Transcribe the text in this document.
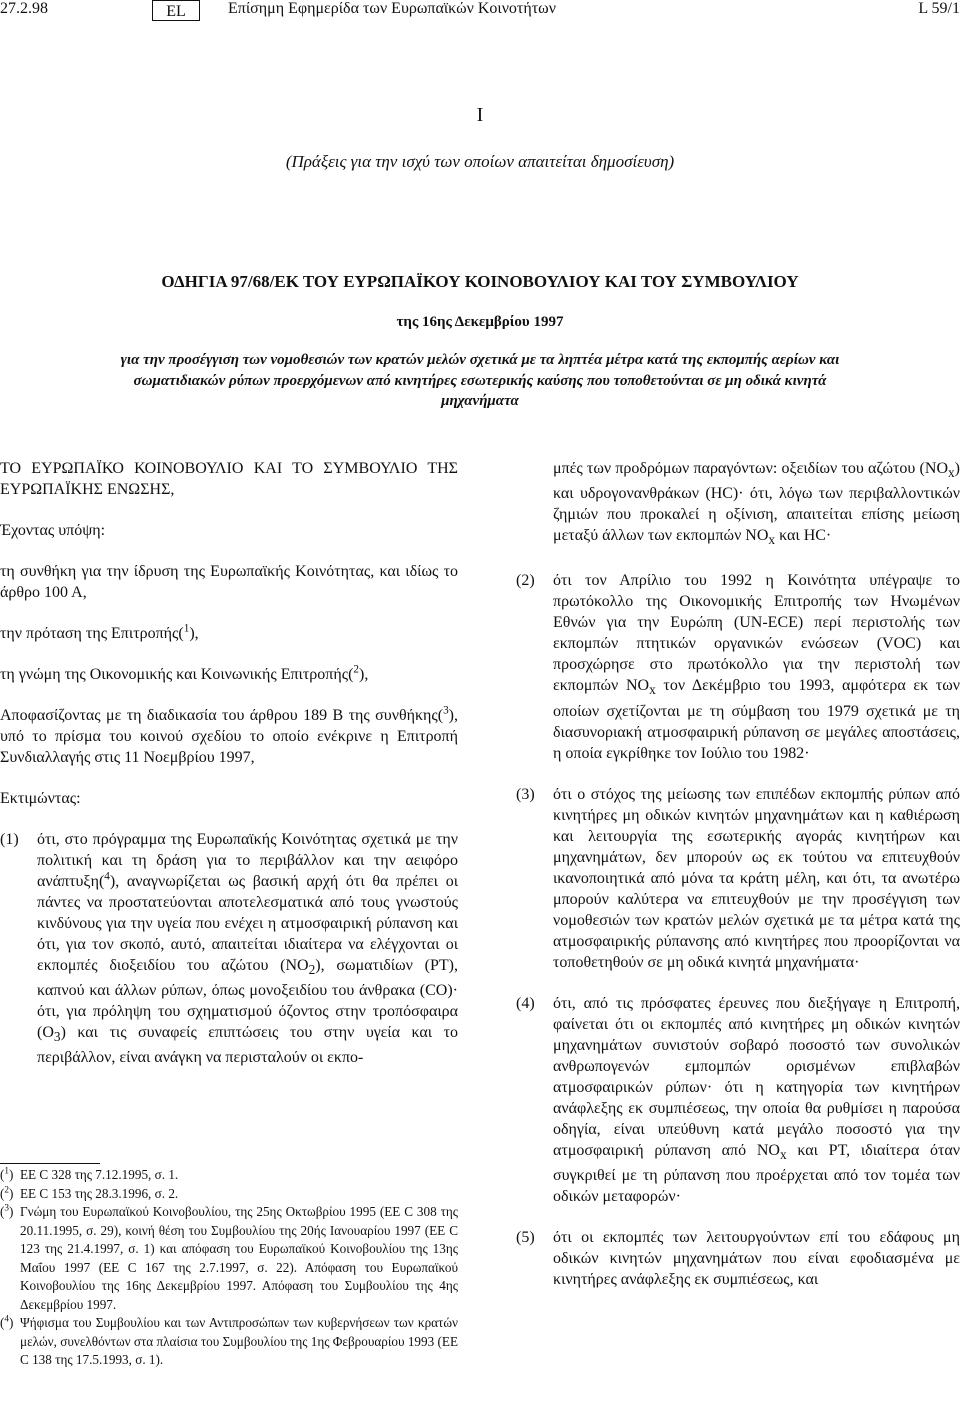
27.2.98	EL	Επίσημη Εφημερίδα των Ευρωπαϊκών Κοινοτήτων	L 59/1
I
(Πράξεις για την ισχύ των οποίων απαιτείται δημοσίευση)
ΟΔΗΓΙΑ 97/68/ΕΚ ΤΟΥ ΕΥΡΩΠΑΪΚΟΥ ΚΟΙΝΟΒΟΥΛΙΟΥ ΚΑΙ ΤΟΥ ΣΥΜΒΟΥΛΙΟΥ
της 16ης Δεκεμβρίου 1997
για την προσέγγιση των νομοθεσιών των κρατών μελών σχετικά με τα ληπτέα μέτρα κατά της εκπομπής αερίων και σωματιδιακών ρύπων προερχόμενων από κινητήρες εσωτερικής καύσης που τοποθετούνται σε μη οδικά κινητά μηχανήματα

ΤΟ ΕΥΡΩΠΑΪΚΟ ΚΟΙΝΟΒΟΥΛΙΟ ΚΑΙ ΤΟ ΣΥΜΒΟΥΛΙΟ ΤΗΣ ΕΥΡΩΠΑΪΚΗΣ ΕΝΩΣΗΣ,

Έχοντας υπόψη:

τη συνθήκη για την ίδρυση της Ευρωπαϊκής Κοινότητας, και ιδίως το άρθρο 100 Α,

την πρόταση της Επιτροπής($^1$),

τη γνώμη της Οικονομικής και Κοινωνικής Επιτροπής($^2$),

Αποφασίζοντας με τη διαδικασία του άρθρου 189 Β της συνθήκης($^3$), υπό το πρίσμα του κοινού σχεδίου το οποίο ενέκρινε η Επιτροπή Συνδιαλλαγής στις 11 Νοεμβρίου 1997,

Εκτιμώντας:

(1)	ότι, στο πρόγραμμα της Ευρωπαϊκής Κοινότητας σχετικά με την πολιτική και τη δράση για το περιβάλλον και την αειφόρο ανάπτυξη($^4$), αναγνωρίζεται ως βασική αρχή ότι θα πρέπει οι πάντες να προστατεύονται αποτελεσματικά από τους γνωστούς κινδύνους για την υγεία που ενέχει η ατμοσφαιρική ρύπανση και ότι, για τον σκοπό, αυτό, απαιτείται ιδιαίτερα να ελέγχονται οι εκπομπές διοξειδίου του αζώτου $(NO_2)$, σωματιδίων (PT), καπνού και άλλων ρύπων, όπως μονοξειδίου του άνθρακα (CO)· ότι, για πρόληψη του σχηματισμού όζοντος στην τροπόσφαιρα $(O_3)$ και τις συναφείς επιπτώσεις του στην υγεία και το περιβάλλον, είναι ανάγκη να περισταλούν οι εκπο-
($^1$) ΕΕ C 328 της 7.12.1995, σ. 1.
($^2$) ΕΕ C 153 της 28.3.1996, σ. 2.
($^3$) Γνώμη του Ευρωπαϊκού Κοινοβουλίου, της 25ης Οκτωβρίου 1995 (ΕΕ C 308 της 20.11.1995, σ. 29), κοινή θέση του Συμβουλίου της 20ής Ιανουαρίου 1997 (ΕΕ C 123 της 21.4.1997, σ. 1) και απόφαση του Ευρωπαϊκού Κοινοβουλίου της 13ης Μαΐου 1997 (ΕΕ C 167 της 2.7.1997, σ. 22). Απόφαση του Ευρωπαϊκού Κοινοβουλίου της 16ης Δεκεμβρίου 1997. Απόφαση του Συμβουλίου της 4ης Δεκεμβρίου 1997.
($^4$) Ψήφισμα του Συμβουλίου και των Αντιπροσώπων των κυβερνήσεων των κρατών μελών, συνελθόντων στα πλαίσια του Συμβουλίου της 1ης Φεβρουαρίου 1993 (ΕΕ C 138 της 17.5.1993, σ. 1).
μπές των προδρόμων παραγόντων: οξειδίων του αζώτου $(NO_x)$ και υδρογονανθράκων (HC)· ότι, λόγω των περιβαλλοντικών ζημιών που προκαλεί η οξίνιση, απαιτείται επίσης μείωση μεταξύ άλλων των εκπομπών $NO_x$ και HC·
(2)	ότι τον Απρίλιο του 1992 η Κοινότητα υπέγραψε το πρωτόκολλο της Οικονομικής Επιτροπής των Ηνωμένων Εθνών για την Ευρώπη (UN-ECE) περί περιστολής των εκπομπών πτητικών οργανικών ενώσεων (VOC) και προσχώρησε στο πρωτόκολλο για την περιστολή των εκπομπών $NO_x$ τον Δεκέμβριο του 1993, αμφότερα εκ των οποίων σχετίζονται με τη σύμβαση του 1979 σχετικά με τη διασυνοριακή ατμοσφαιρική ρύπανση σε μεγάλες αποστάσεις, η οποία εγκρίθηκε τον Ιούλιο του 1982·
(3)	ότι ο στόχος της μείωσης των επιπέδων εκπομπής ρύπων από κινητήρες μη οδικών κινητών μηχανημάτων και η καθιέρωση και λειτουργία της εσωτερικής αγοράς κινητήρων και μηχανημάτων, δεν μπορούν ως εκ τούτου να επιτευχθούν ικανοποιητικά από μόνα τα κράτη μέλη, και ότι, τα ανωτέρω μπορούν καλύτερα να επιτευχθούν με την προσέγγιση των νομοθεσιών των κρατών μελών σχετικά με τα μέτρα κατά της ατμοσφαιρικής ρύπανσης από κινητήρες που προορίζονται να τοποθετηθούν σε μη οδικά κινητά μηχανήματα·
(4)	ότι, από τις πρόσφατες έρευνες που διεξήγαγε η Επιτροπή, φαίνεται ότι οι εκπομπές από κινητήρες μη οδικών κινητών μηχανημάτων συνιστούν σοβαρό ποσοστό των συνολικών ανθρωπογενών εμπομπών ορισμένων επιβλαβών ατμοσφαιρικών ρύπων· ότι η κατηγορία των κινητήρων ανάφλεξης εκ συμπιέσεως, την οποία θα ρυθμίσει η παρούσα οδηγία, είναι υπεύθυνη κατά μεγάλο ποσοστό για την ατμοσφαιρική ρύπανση από $NO_x$ και PT, ιδιαίτερα όταν συγκριθεί με τη ρύπανση που προέρχεται από τον τομέα των οδικών μεταφορών·
(5)	ότι οι εκπομπές των λειτουργούντων επί του εδάφους μη οδικών κινητών μηχανημάτων που είναι εφοδιασμένα με κινητήρες ανάφλεξης εκ συμπιέσεως, και
